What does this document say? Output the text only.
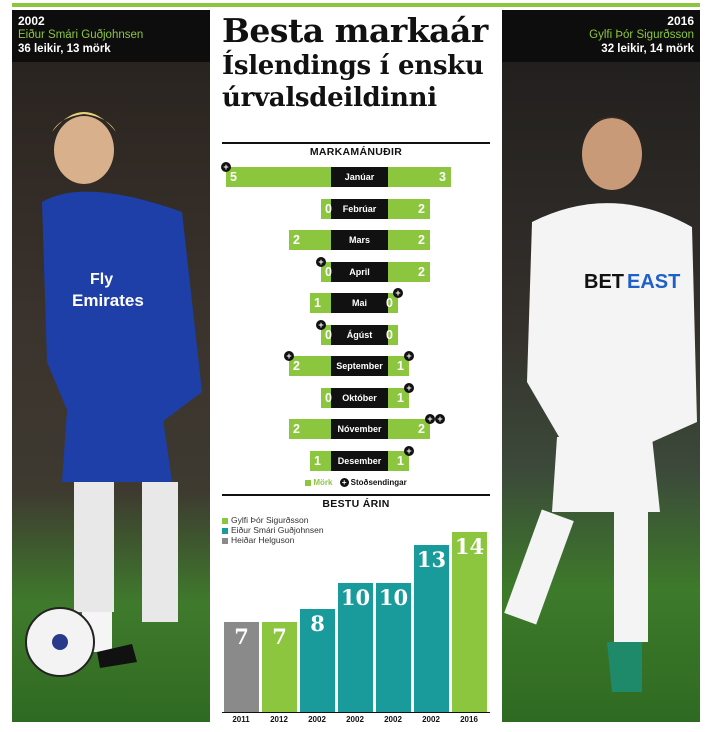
2002
Eiður Smári Guðjohnsen
36 leikir, 13 mörk
Fly
Emirates
2016
Gylfi Þór Sigurðsson
32 leikir, 14 mörk
BET EAST
Besta markaár
Íslendings í ensku
úrvalsdeildinni
MARKAMÁNUÐIR
Janúar
5	3
+
Febrúar
0	2
Mars
2	2
April
0	2
+
Mai
1	0
+
Ágúst
0	0
+
September
2	1
+	+
Október
0	1
+
Nóvember
2	2
+ +
Desember
1	1
+
Mörk + Stoðsendingar
BESTU ÁRIN
Gylfi Þór Sigurðsson
Eiður Smári Guðjohnsen
Heiðar Helguson
7
2011
7
2012
8
2002
10
2002
10
2002
13
2002
14
2016
